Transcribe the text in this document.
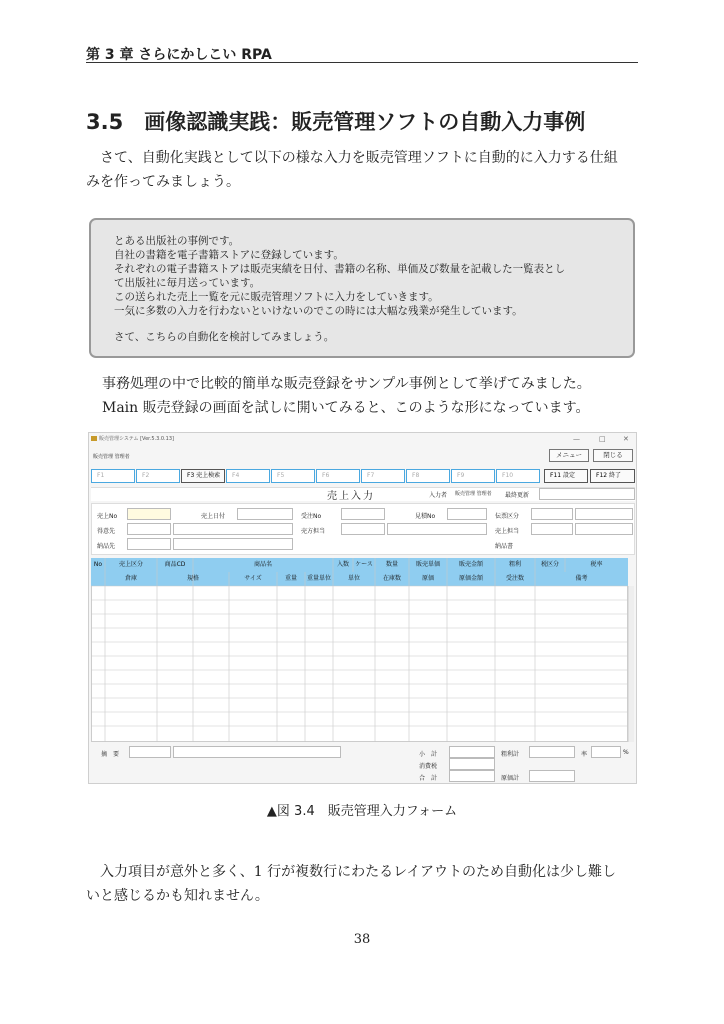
第 3 章 さらにかしこい RPA
3.5　画像認識実践：販売管理ソフトの自動入力事例
　さて、自動化実践として以下の様な入力を販売管理ソフトに自動的に入力する仕組
みを作ってみましょう。
とある出版社の事例です。
自社の書籍を電子書籍ストアに登録しています。
それぞれの電子書籍ストアは販売実績を日付、書籍の名称、単価及び数量を記載した一覧表とし
て出版社に毎月送っています。
この送られた売上一覧を元に販売管理ソフトに入力をしていきます。
一気に多数の入力を行わないといけないのでこの時には大幅な残業が発生しています。
さて、こちらの自動化を検討してみましょう。
事務処理の中で比較的簡単な販売登録をサンプル事例として挙げてみました。
Main 販売登録の画面を試しに開いてみると、このような形になっています。
販売管理システム [Ver.5.3.0.13]	—	□ ✕
販売管理 管理者	メニュー	閉じる
F1	F2	F3 売上検索	F4	F5	F6	F7	F8	F9	F10	F11 設定	F12 終了
売上入力	入力者 販売管理 管理者 最終更新
売上No	売上日付	受注No	見積No	伝票区分
得意先	売方担当	売上担当
納品先	納品書
No	売上区分	商品CD	商品名	入数	ケース	数量	販売単価	販売金額	粗利	税区分	税率
倉庫	規格	サイズ	重量	重量単位	単位	在庫数	原価	原価金額	受注数	備考
摘　要	小　計	粗利計	率	%
消費税
合　計	原価計
▲図 3.4　販売管理入力フォーム
　入力項目が意外と多く、1 行が複数行にわたるレイアウトのため自動化は少し難し
いと感じるかも知れません。
38
